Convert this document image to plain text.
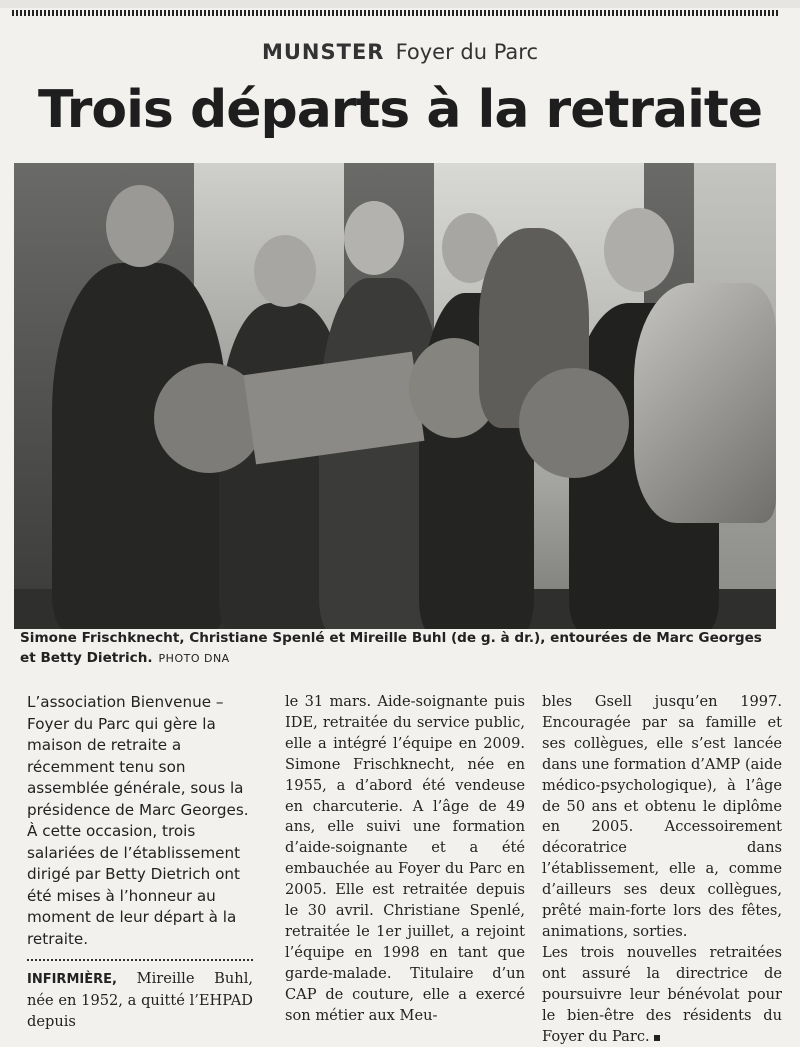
MUNSTER Foyer du Parc
Trois départs à la retraite
Simone Frischknecht, Christiane Spenlé et Mireille Buhl (de g. à dr.), entourées de Marc Georges et Betty Dietrich. PHOTO DNA

L’association Bienvenue – Foyer du Parc qui gère la maison de retraite a récemment tenu son assemblée générale, sous la présidence de Marc Georges. À cette occasion, trois salariées de l’établissement dirigé par Betty Dietrich ont été mises à l’honneur au moment de leur départ à la retraite.

INFIRMIÈRE, Mireille Buhl, née en 1952, a quitté l’EHPAD depuis

le 31 mars. Aide-soignante puis IDE, retraitée du service public, elle a intégré l’équipe en 2009. Simone Frischknecht, née en 1955, a d’abord été vendeuse en charcuterie. A l’âge de 49 ans, elle suivi une formation d’aide-soignante et a été embauchée au Foyer du Parc en 2005. Elle est retraitée depuis le 30 avril. Christiane Spenlé, retraitée le 1er juillet, a rejoint l’équipe en 1998 en tant que garde-malade. Titulaire d’un CAP de couture, elle a exercé son métier aux Meu-

bles Gsell jusqu’en 1997. Encouragée par sa famille et ses collègues, elle s’est lancée dans une formation d’AMP (aide médico-psychologique), à l’âge de 50 ans et obtenu le diplôme en 2005. Accessoirement décoratrice dans l’établissement, elle a, comme d’ailleurs ses deux collègues, prêté main-forte lors des fêtes, animations, sorties.

Les trois nouvelles retraitées ont assuré la directrice de poursuivre leur bénévolat pour le bien-être des résidents du Foyer du Parc.
